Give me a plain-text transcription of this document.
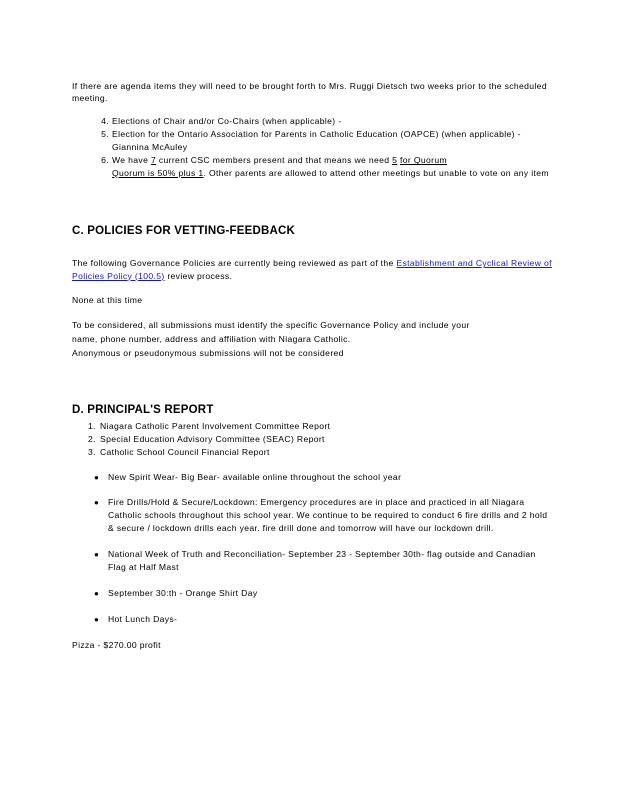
If there are agenda items they will need to be brought forth to Mrs. Ruggi Dietsch two weeks prior to the scheduled meeting.

4. Elections of Chair and/or Co-Chairs (when applicable) -
5. Election for the Ontario Association for Parents in Catholic Education (OAPCE) (when applicable) -Giannina McAuley
6. We have 7 current CSC members present and that means we need 5 for Quorum
Quorum is 50% plus 1. Other parents are allowed to attend other meetings but unable to vote on any item
C. POLICIES FOR VETTING-FEEDBACK

The following Governance Policies are currently being reviewed as part of the Establishment and Cyclical Review of Policies Policy (100.5) review process.

None at this time

To be considered, all submissions must identify the specific Governance Policy and include your

name, phone number, address and affiliation with Niagara Catholic.

Anonymous or pseudonymous submissions will not be considered

D. PRINCIPAL'S REPORT
1. Niagara Catholic Parent Involvement Committee Report
2. Special Education Advisory Committee (SEAC) Report
3. Catholic School Council Financial Report
● New Spirit Wear- Big Bear- available online throughout the school year
● Fire Drills/Hold & Secure/Lockdown: Emergency procedures are in place and practiced in all Niagara Catholic schools throughout this school year. We continue to be required to conduct 6 fire drills and 2 hold & secure / lockdown drills each year. fire drill done and tomorrow will have our lockdown drill.
● National Week of Truth and Reconciliation- September 23 - September 30th- flag outside and Canadian Flag at Half Mast
● September 30:th - Orange Shirt Day
● Hot Lunch Days-

Pizza - $270.00 profit
